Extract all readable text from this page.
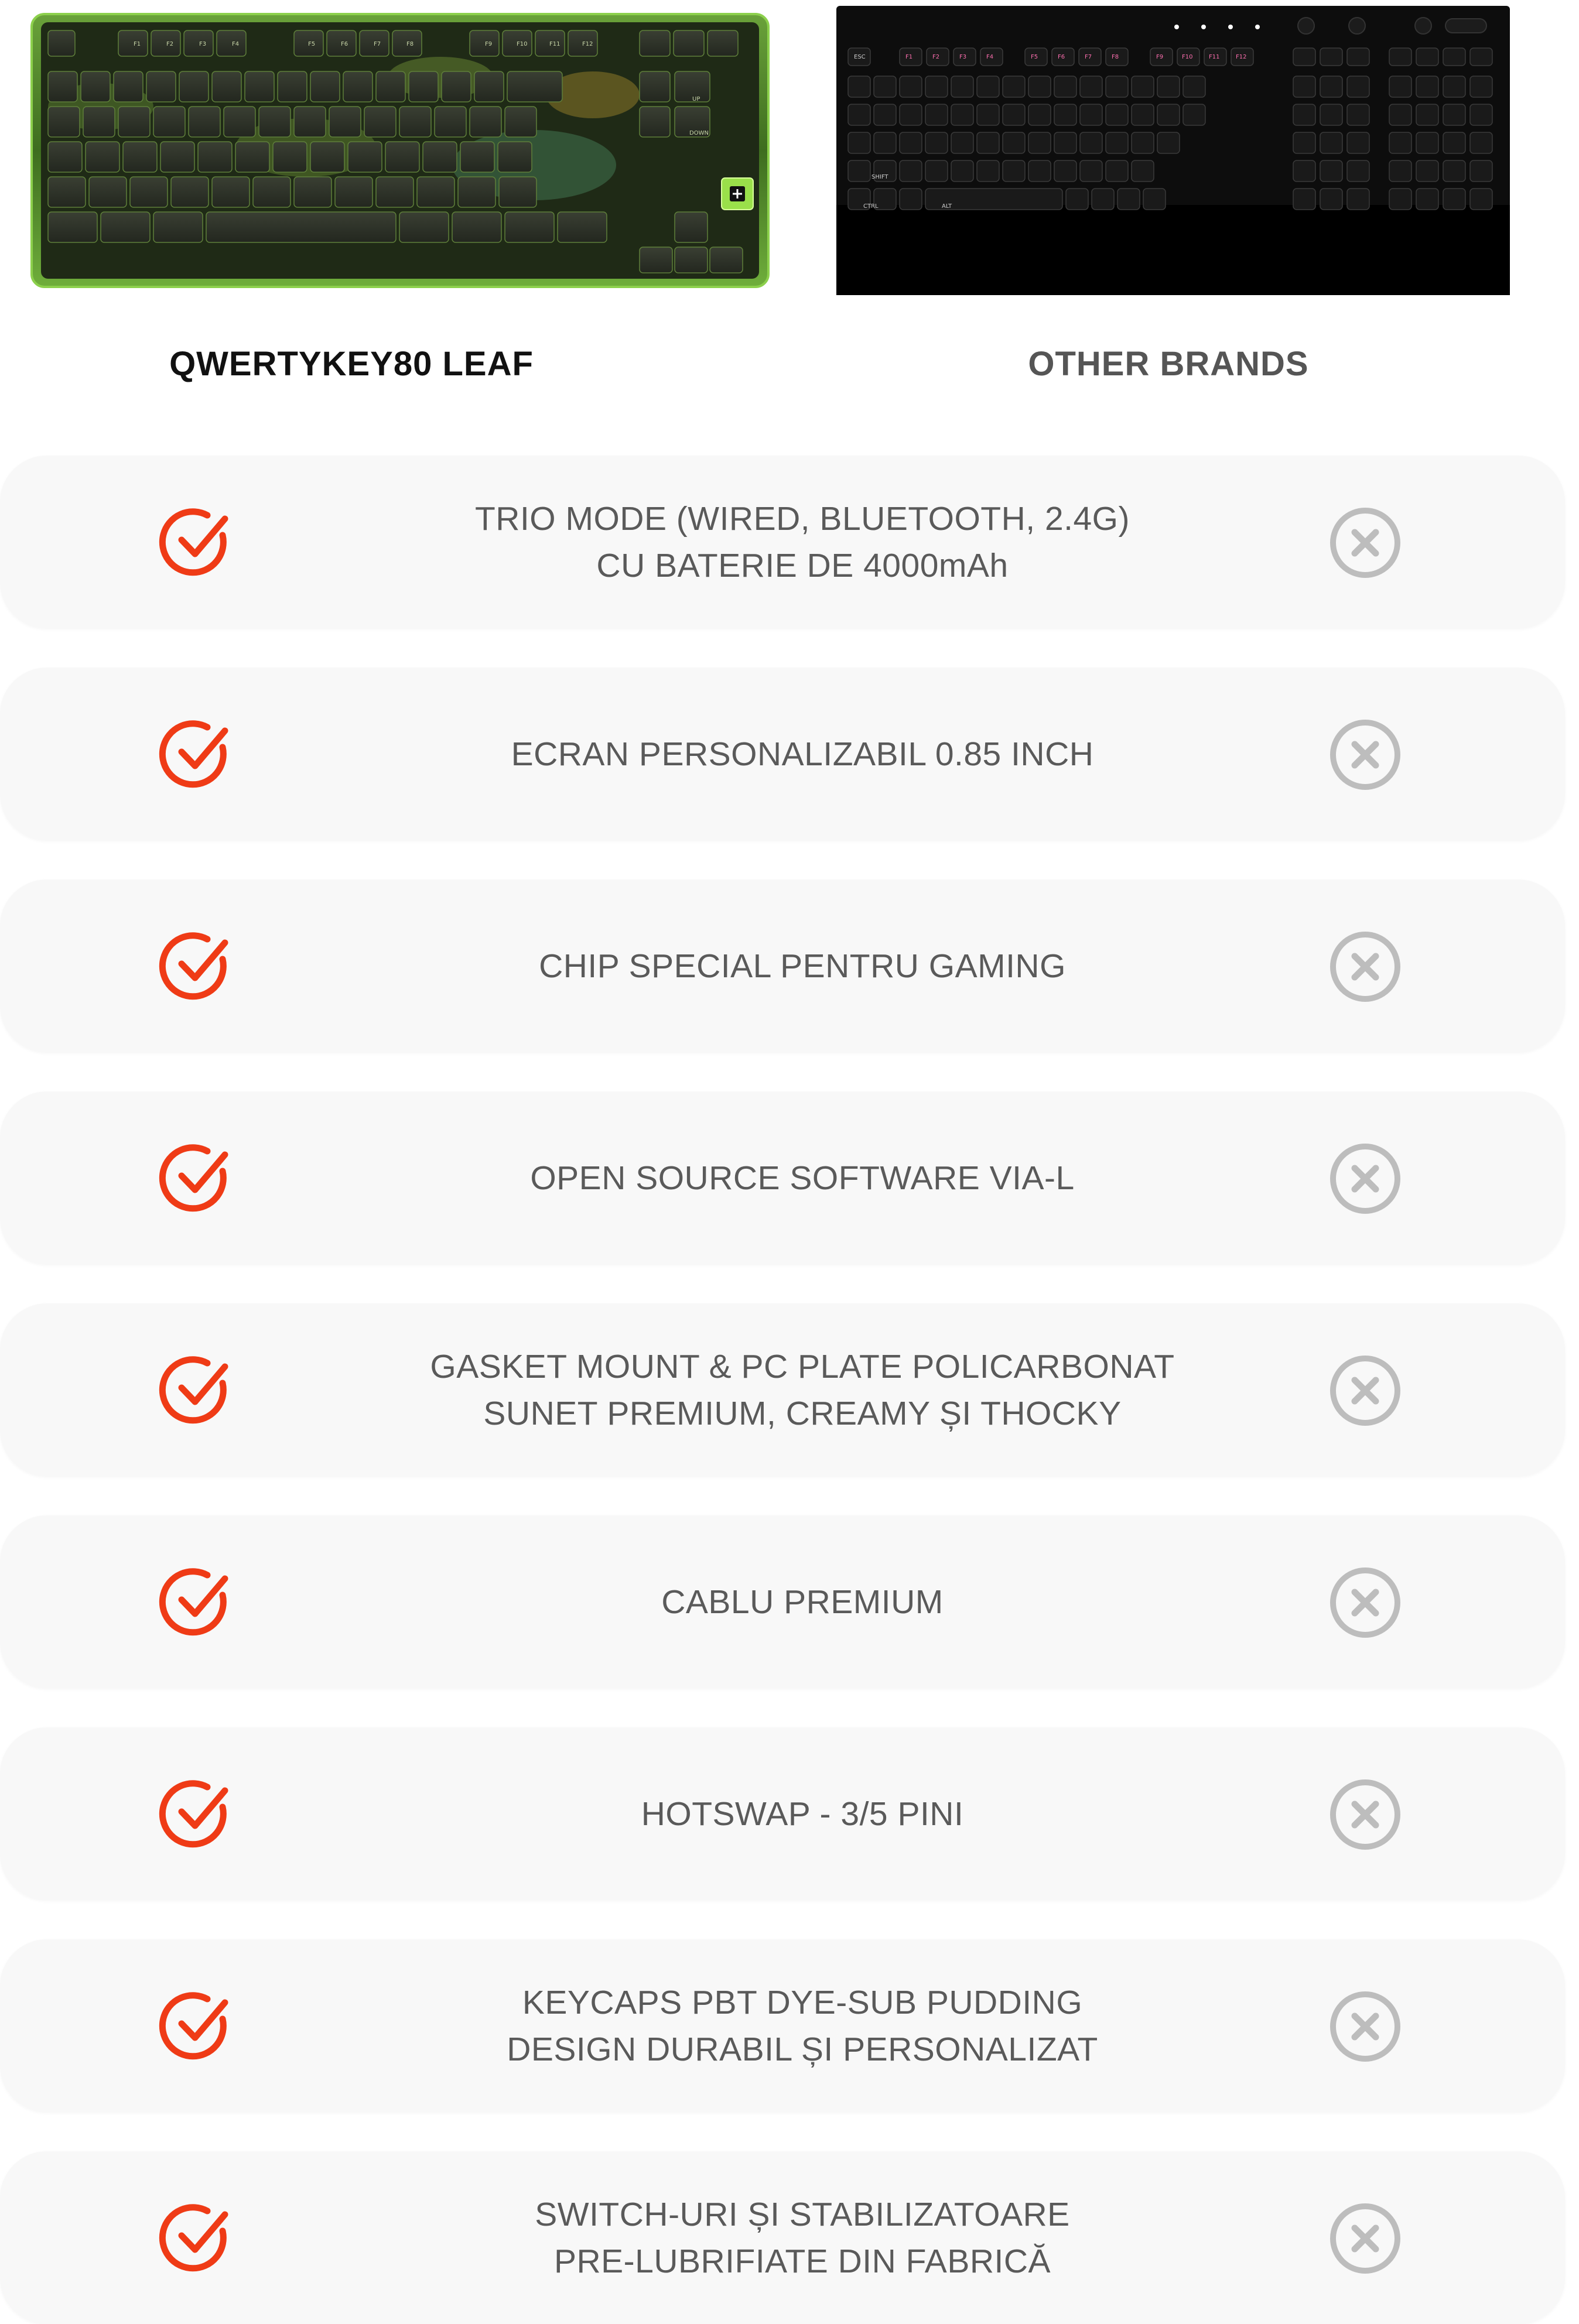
F1	F2	F3	F4	F5	F6	F7	F8	F9	F10	F11	F12
UP
DOWN
ESC	F1	F2	F3	F4	F5	F6	F7	F8	F9	F10	F11	F12
SHIFT
CTRL	ALT
QWERTYKEY80 LEAF	OTHER BRANDS
TRIO MODE (WIRED, BLUETOOTH, 2.4G)
CU BATERIE DE 4000mAh
ECRAN PERSONALIZABIL 0.85 INCH
CHIP SPECIAL PENTRU GAMING
OPEN SOURCE SOFTWARE VIA-L
GASKET MOUNT & PC PLATE POLICARBONAT
SUNET PREMIUM, CREAMY ȘI THOCKY
CABLU PREMIUM
HOTSWAP - 3/5 PINI
KEYCAPS PBT DYE-SUB PUDDING
DESIGN DURABIL ȘI PERSONALIZAT
SWITCH-URI ȘI STABILIZATOARE
PRE-LUBRIFIATE DIN FABRICĂ
